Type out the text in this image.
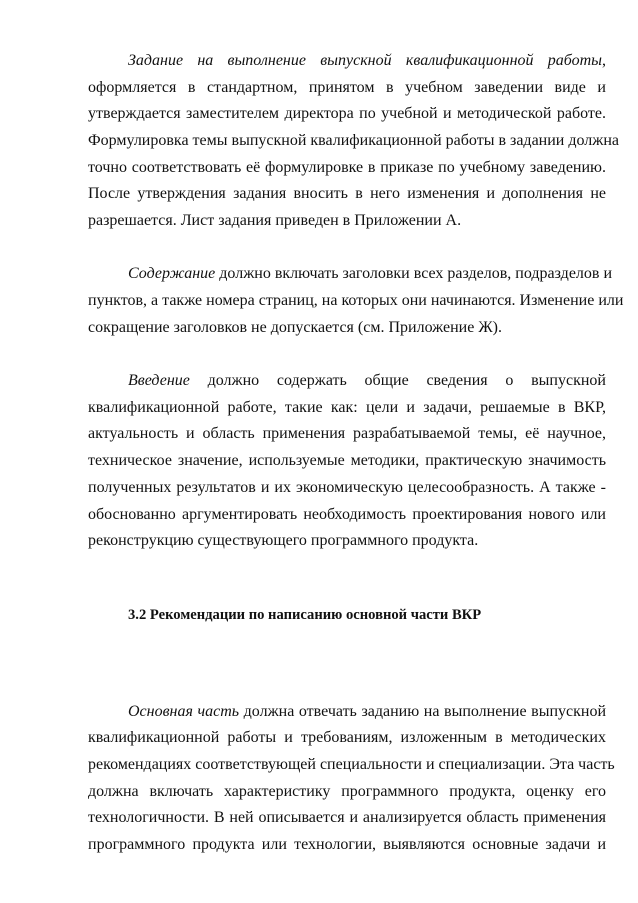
Задание на выполнение выпускной квалификационной работы,
оформляется в стандартном, принятом в учебном заведении виде и
утверждается заместителем директора по учебной и методической работе.
Формулировка темы выпускной квалификационной работы в задании должна
точно соответствовать её формулировке в приказе по учебному заведению.
После утверждения задания вносить в него изменения и дополнения не
разрешается. Лист задания приведен в Приложении А.
Содержание должно включать заголовки всех разделов, подразделов и
пунктов, а также номера страниц, на которых они начинаются. Изменение или
сокращение заголовков не допускается (см. Приложение Ж).
Введение должно содержать общие сведения о выпускной
квалификационной работе, такие как: цели и задачи, решаемые в ВКР,
актуальность и область применения разрабатываемой темы, её научное,
техническое значение, используемые методики, практическую значимость
полученных результатов и их экономическую целесообразность. А также -
обоснованно аргументировать необходимость проектирования нового или
реконструкцию существующего программного продукта.
3.2 Рекомендации по написанию основной части ВКР
Основная часть должна отвечать заданию на выполнение выпускной
квалификационной работы и требованиям, изложенным в методических
рекомендациях соответствующей специальности и специализации. Эта часть
должна включать характеристику программного продукта, оценку его
технологичности. В ней описывается и анализируется область применения
программного продукта или технологии, выявляются основные задачи и
